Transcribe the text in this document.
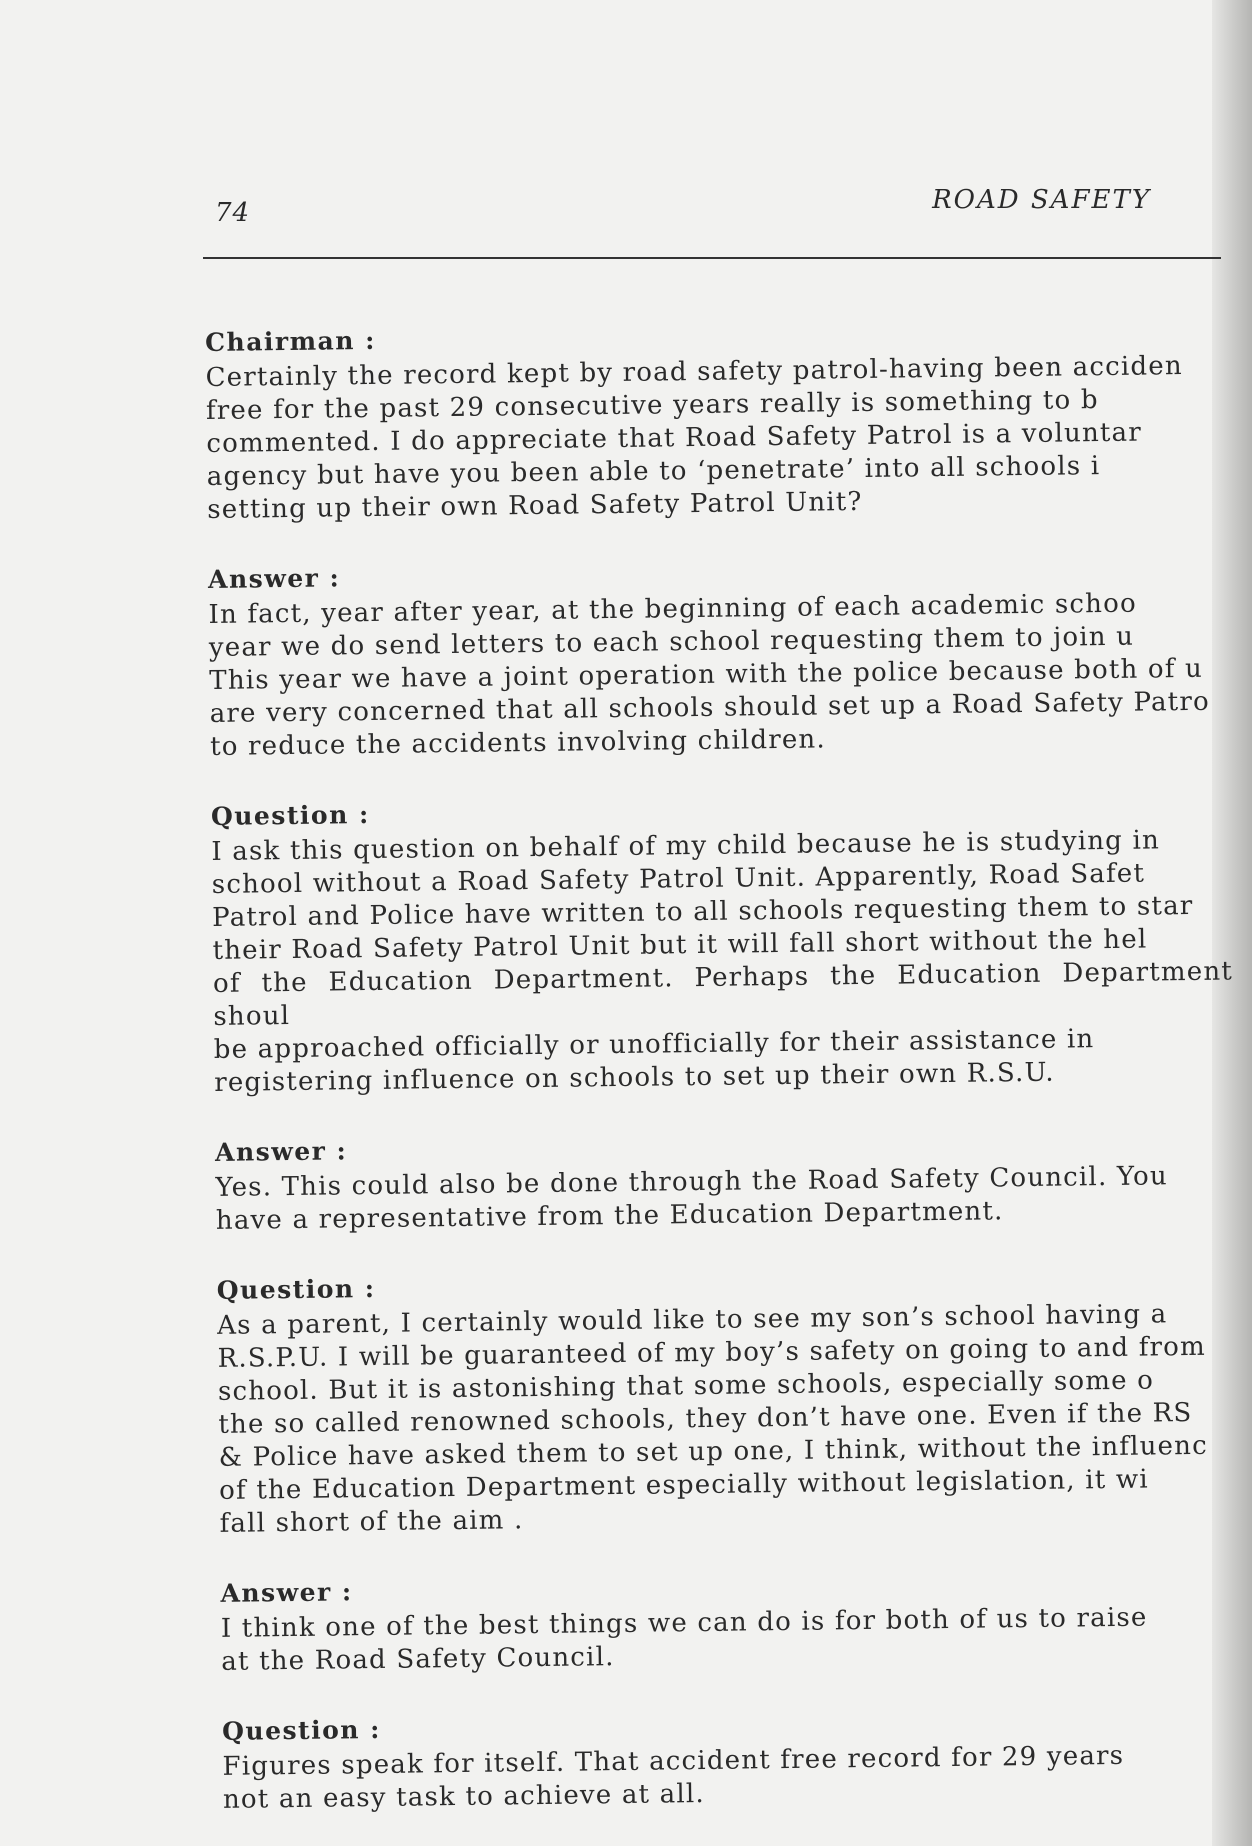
74	ROAD SAFETY
Chairman :

Certainly the record kept by road safety patrol-having been acciden
free for the past 29 consecutive years really is something to b
commented. I do appreciate that Road Safety Patrol is a voluntar
agency but have you been able to ‘penetrate’ into all schools i
setting up their own Road Safety Patrol Unit?

Answer :

In fact, year after year, at the beginning of each academic schoo
year we do send letters to each school requesting them to join u
This year we have a joint operation with the police because both of u
are very concerned that all schools should set up a Road Safety Patro
to reduce the accidents involving children.

Question :

I ask this question on behalf of my child because he is studying in
school without a Road Safety Patrol Unit. Apparently, Road Safet
Patrol and Police have written to all schools requesting them to star
their Road Safety Patrol Unit but it will fall short without the hel
of the Education Department. Perhaps the Education Department shoul
be approached officially or unofficially for their assistance in
registering influence on schools to set up their own R.S.U.

Answer :

Yes. This could also be done through the Road Safety Council. You
have a representative from the Education Department.

Question :

As a parent, I certainly would like to see my son’s school having a
R.S.P.U. I will be guaranteed of my boy’s safety on going to and from
school. But it is astonishing that some schools, especially some o
the so called renowned schools, they don’t have one. Even if the RS
& Police have asked them to set up one, I think, without the influenc
of the Education Department especially without legislation, it wi
fall short of the aim .

Answer :

I think one of the best things we can do is for both of us to raise
at the Road Safety Council.

Question :

Figures speak for itself. That accident free record for 29 years
not an easy task to achieve at all.
